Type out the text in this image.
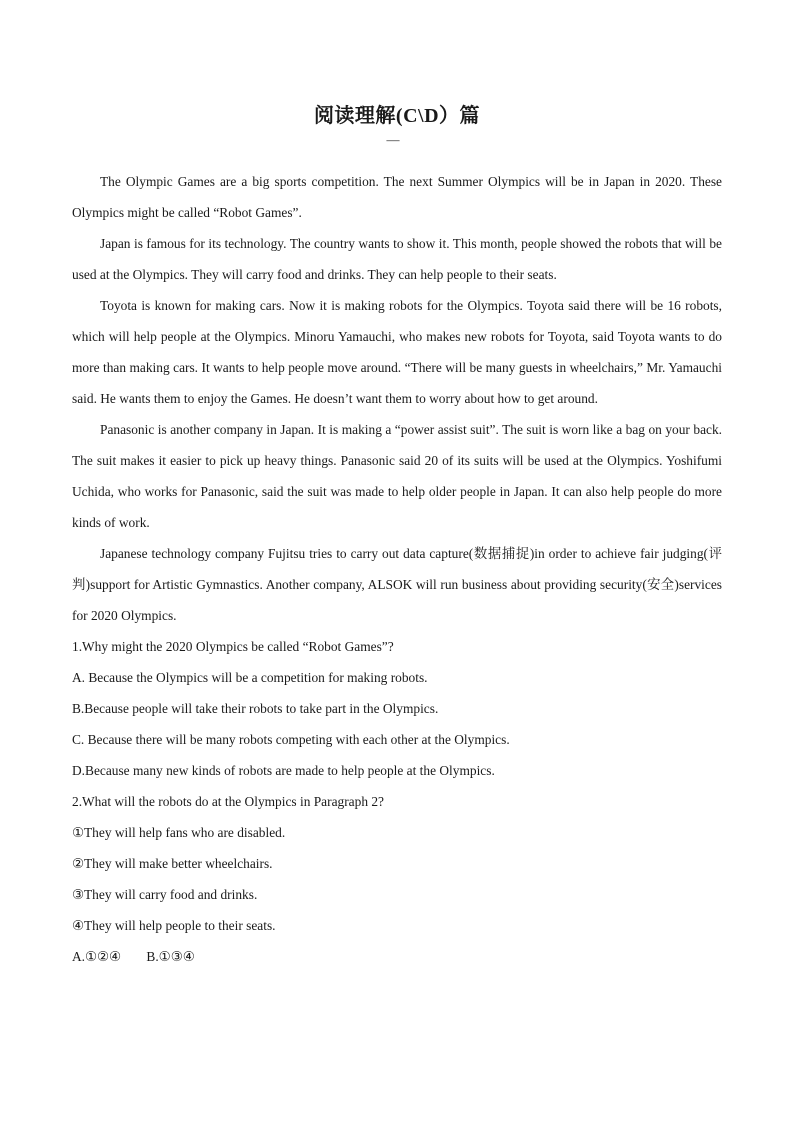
阅读理解(C\D）篇
—

The Olympic Games are a big sports competition. The next Summer Olympics will be in Japan in 2020. These Olympics might be called “Robot Games”.

Japan is famous for its technology. The country wants to show it. This month, people showed the robots that will be used at the Olympics. They will carry food and drinks. They can help people to their seats.

Toyota is known for making cars. Now it is making robots for the Olympics. Toyota said there will be 16 robots, which will help people at the Olympics. Minoru Yamauchi, who makes new robots for Toyota, said Toyota wants to do more than making cars. It wants to help people move around. “There will be many guests in wheelchairs,” Mr. Yamauchi said. He wants them to enjoy the Games. He doesn’t want them to worry about how to get around.

Panasonic is another company in Japan. It is making a “power assist suit”. The suit is worn like a bag on your back. The suit makes it easier to pick up heavy things. Panasonic said 20 of its suits will be used at the Olympics. Yoshifumi Uchida, who works for Panasonic, said the suit was made to help older people in Japan. It can also help people do more kinds of work.

Japanese technology company Fujitsu tries to carry out data capture(数据捕捉)in order to achieve fair judging(评判)support for Artistic Gymnastics. Another company, ALSOK will run business about providing security(安全)services for 2020 Olympics.

1.Why might the 2020 Olympics be called “Robot Games”?

A. Because the Olympics will be a competition for making robots.

B.Because people will take their robots to take part in the Olympics.

C. Because there will be many robots competing with each other at the Olympics.

D.Because many new kinds of robots are made to help people at the Olympics.

2.What will the robots do at the Olympics in Paragraph 2?

①They will help fans who are disabled.

②They will make better wheelchairs.

③They will carry food and drinks.

④They will help people to their seats.

A.①②④ B.①③④
